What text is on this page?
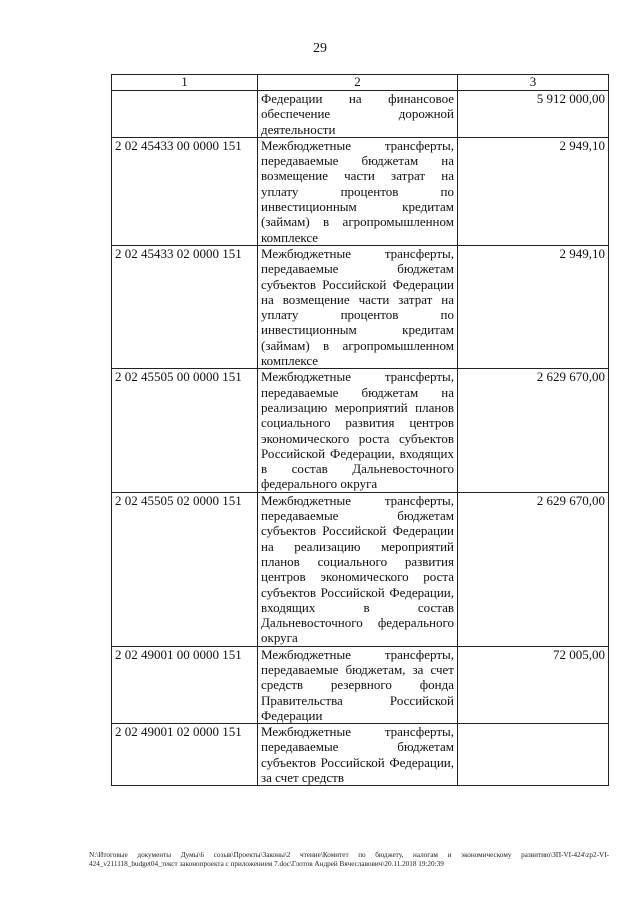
29
1	2	3
	Федерации на финансовое обеспечение дорожной деятельности	5 912 000,00
2 02 45433 00 0000 151	Межбюджетные трансферты, передаваемые бюджетам на возмещение части затрат на уплату процентов по инвестиционным кредитам (займам) в агропромышленном комплексе	2 949,10
2 02 45433 02 0000 151	Межбюджетные трансферты, передаваемые бюджетам субъектов Российской Федерации на возмещение части затрат на уплату процентов по инвестиционным кредитам (займам) в агропромышленном комплексе	2 949,10
2 02 45505 00 0000 151	Межбюджетные трансферты, передаваемые бюджетам на реализацию мероприятий планов социального развития центров экономического роста субъектов Российской Федерации, входящих в состав Дальневосточного федерального округа	2 629 670,00
2 02 45505 02 0000 151	Межбюджетные трансферты, передаваемые бюджетам субъектов Российской Федерации на реализацию мероприятий планов социального развития центров экономического роста субъектов Российской Федерации, входящих в состав Дальневосточного федерального округа	2 629 670,00
2 02 49001 00 0000 151	Межбюджетные трансферты, передаваемые бюджетам, за счет средств резервного фонда Правительства Российской Федерации	72 005,00
2 02 49001 02 0000 151	Межбюджетные трансферты, передаваемые бюджетам субъектов Российской Федерации, за счет средств	
N:\Итоговые документы Думы\6 созыв\Проекты\Законы\2 чтение\Комитет по бюджету, налогам и экономическому развитию\ЗП-VI-424\zp2-VI-424_v211118_budget04_текст законопроекта с приложением 7.doc\Глотов Андрей Вячеславович\20.11.2018 19:20:39
